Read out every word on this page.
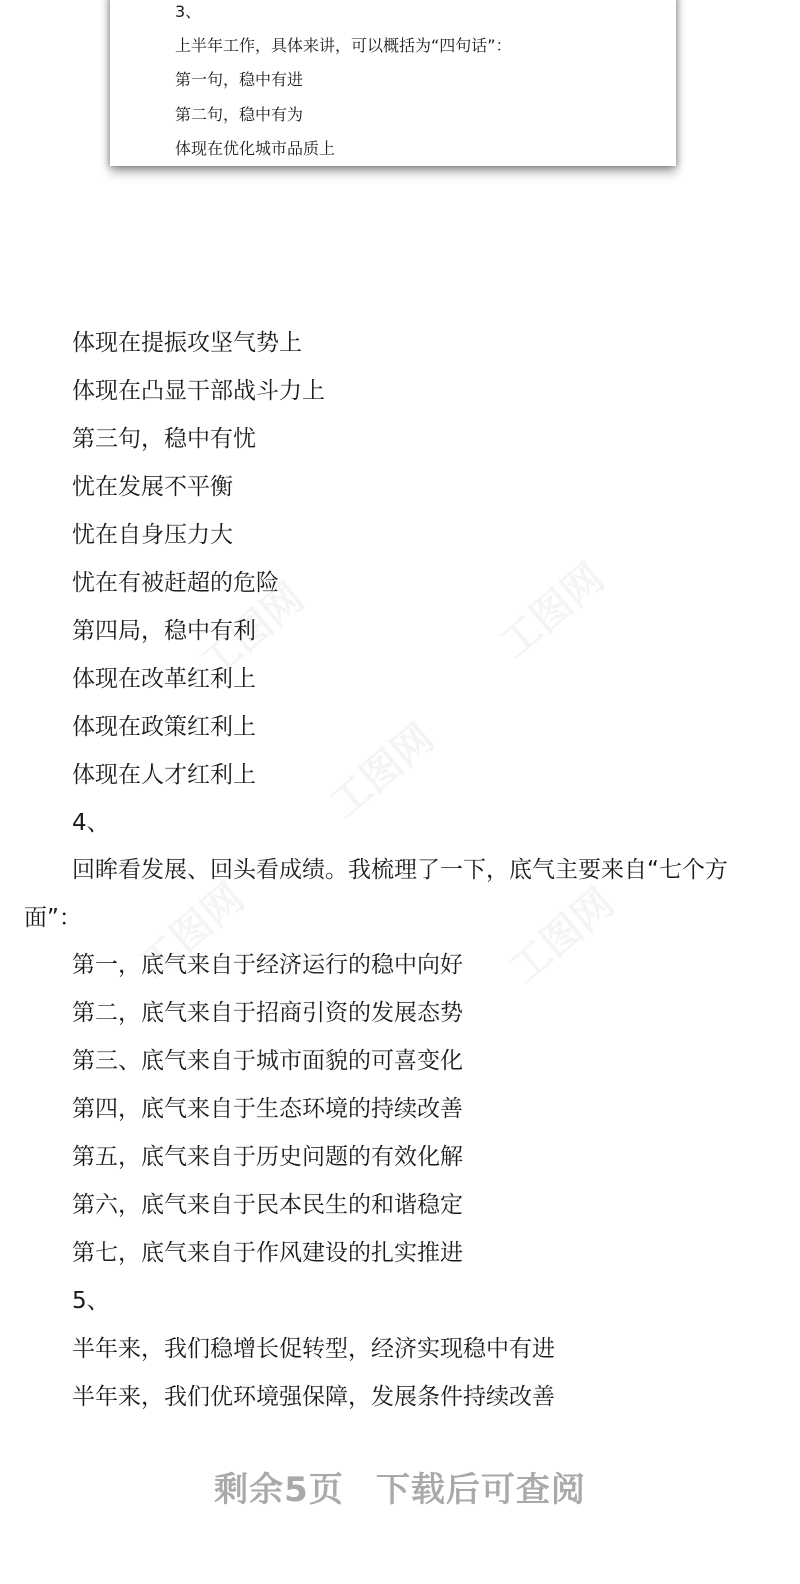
3、
上半年工作，具体来讲，可以概括为“四句话”：
第一句，稳中有进
第二句，稳中有为
体现在优化城市品质上
体现在提振攻坚气势上
体现在凸显干部战斗力上
第三句，稳中有忧
忧在发展不平衡
忧在自身压力大
忧在有被赶超的危险
第四局，稳中有利
体现在改革红利上
体现在政策红利上
体现在人才红利上
4、
回眸看发展、回头看成绩。我梳理了一下，底气主要来自“七个方面”：
第一，底气来自于经济运行的稳中向好
第二，底气来自于招商引资的发展态势
第三、底气来自于城市面貌的可喜变化
第四，底气来自于生态环境的持续改善
第五，底气来自于历史问题的有效化解
第六，底气来自于民本民生的和谐稳定
第七，底气来自于作风建设的扎实推进
5、
半年来，我们稳增长促转型，经济实现稳中有进
半年来，我们优环境强保障，发展条件持续改善
剩余5页 下载后可查阅
